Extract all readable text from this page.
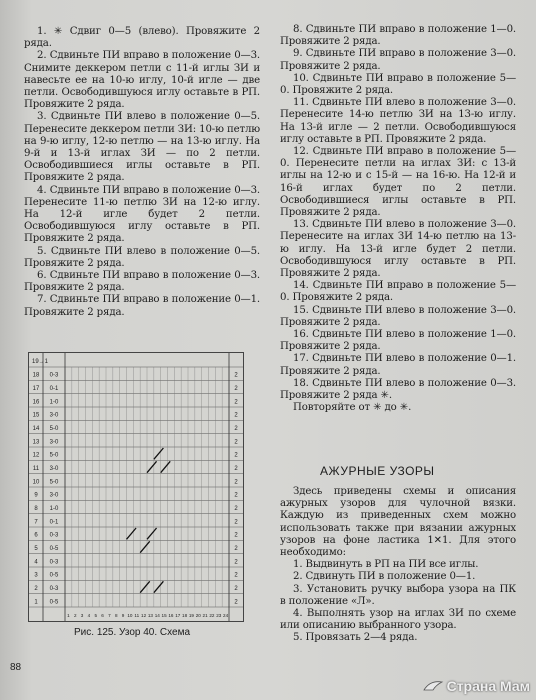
1. ✳ Сдвиг 0—5 (влево). Провяжите 2 ряда.

2. Сдвиньте ПИ вправо в положение 0—3. Снимите деккером петли с 11-й иглы ЗИ и навесьте ее на 10-ю иглу, 10-й игле — две петли. Освободившуюся иглу оставьте в РП. Провяжите 2 ряда.

3. Сдвиньте ПИ влево в положение 0—5. Перенесите деккером петли ЗИ: 10-ю петлю на 9-ю иглу, 12-ю петлю — на 13-ю иглу. На 9-й и 13-й иглах ЗИ — по 2 петли. Освободившиеся иглы оставьте в РП. Провяжите 2 ряда.

4. Сдвиньте ПИ вправо в положение 0—3. Перенесите 11-ю петлю ЗИ на 12-ю иглу. На 12-й игле будет 2 петли. Освободившуюся иглу оставьте в РП. Провяжите 2 ряда.

5. Сдвиньте ПИ влево в положение 0—5. Провяжите 2 ряда.

6. Сдвиньте ПИ вправо в положение 0—3. Провяжите 2 ряда.

7. Сдвиньте ПИ вправо в положение 0—1. Провяжите 2 ряда.

19→1
18 0-3	2
17 0-1	2
16 1-0	2
15 3-0	2
14 5-0	2
13 3-0	2
12 5-0	2
11 3-0	2
10 5-0	2
9 3-0	2
8 1-0	2
7 0-1	2
6 0-3	2
5 0-5	2
4 0-3	2
3 0-5	2
2 0-3	2
1 0-5	2
1 2 3 4 5 6 7 8 9 10 11 12 13 14 15 16 17 18 19 20 21 22 23 24
Рис. 125. Узор 40. Схема

8. Сдвиньте ПИ вправо в положение 1—0. Провяжите 2 ряда.

9. Сдвиньте ПИ вправо в положение 3—0. Провяжите 2 ряда.

10. Сдвиньте ПИ вправо в положение 5—0. Провяжите 2 ряда.

11. Сдвиньте ПИ влево в положение 3—0. Перенесите 14-ю петлю ЗИ на 13-ю иглу. На 13-й игле — 2 петли. Освободившуюся иглу оставьте в РП. Провяжите 2 ряда.

12. Сдвиньте ПИ вправо в положение 5—0. Перенесите петли на иглах ЗИ: с 13-й иглы на 12-ю и с 15-й — на 16-ю. На 12-й и 16-й иглах будет по 2 петли. Освободившиеся иглы оставьте в РП. Провяжите 2 ряда.

13. Сдвиньте ПИ влево в положение 3—0. Перенесите на иглах ЗИ 14-ю петлю на 13-ю иглу. На 13-й игле будет 2 петли. Освободившуюся иглу оставьте в РП. Провяжите 2 ряда.

14. Сдвиньте ПИ вправо в положение 5—0. Провяжите 2 ряда.

15. Сдвиньте ПИ влево в положение 3—0. Провяжите 2 ряда.

16. Сдвиньте ПИ влево в положение 1—0. Провяжите 2 ряда.

17. Сдвиньте ПИ влево в положение 0—1. Провяжите 2 ряда.

18. Сдвиньте ПИ влево в положение 0—3. Провяжите 2 ряда ✳.

Повторяйте от ✳ до ✳.

АЖУРНЫЕ УЗОРЫ

Здесь приведены схемы и описания ажурных узоров для чулочной вязки. Каждую из приведенных схем можно использовать также при вязании ажурных узоров на фоне ластика 1✕1. Для этого необходимо:

1. Выдвинуть в РП на ПИ все иглы.

2. Сдвинуть ПИ в положение 0—1.

3. Установить ручку выбора узора на ПК в положение «Л».

4. Выполнять узор на иглах ЗИ по схеме или описанию выбранного узора.

5. Провязать 2—4 ряда.

88
Страна Мам
